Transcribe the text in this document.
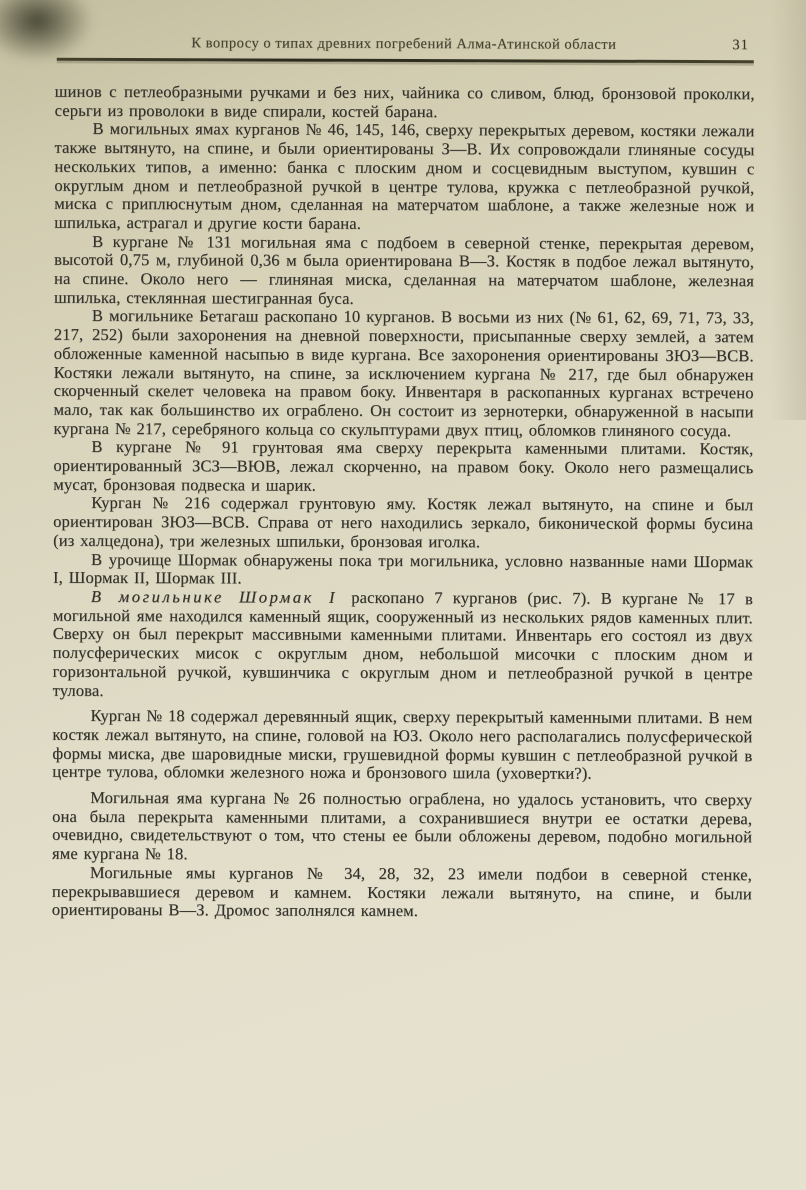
К вопросу о типах древних погребений Алма-Атинской области	31

шинов с петлеобразными ручками и без них, чайника со сливом, блюд, бронзовой проколки, серьги из проволоки в виде спирали, костей барана.

В могильных ямах курганов № 46, 145, 146, сверху перекрытых деревом, костяки лежали также вытянуто, на спине, и были ориентированы З—В. Их сопровождали глиняные сосуды нескольких типов, а именно: банка с плоским дном и сосцевидным выступом, кувшин с округлым дном и петлеобразной ручкой в центре тулова, кружка с петлеобразной ручкой, миска с приплюснутым дном, сделанная на матерчатом шаблоне, а также железные нож и шпилька, астрагал и другие кости барана.

В кургане № 131 могильная яма с подбоем в северной стенке, перекрытая деревом, высотой 0,75 м, глубиной 0,36 м была ориентирована В—З. Костяк в подбое лежал вытянуто, на спине. Около него — глиняная миска, сделанная на матерчатом шаблоне, железная шпилька, стеклянная шестигранная буса.

В могильнике Бетагаш раскопано 10 курганов. В восьми из них (№ 61, 62, 69, 71, 73, 33, 217, 252) были захоронения на дневной поверхности, присыпанные сверху землей, а затем обложенные каменной насыпью в виде кургана. Все захоронения ориентированы ЗЮЗ—ВСВ. Костяки лежали вытянуто, на спине, за исключением кургана № 217, где был обнаружен скорченный скелет человека на правом боку. Инвентаря в раскопанных курганах встречено мало, так как большинство их ограблено. Он состоит из зернотерки, обнаруженной в насыпи кургана № 217, серебряного кольца со скульптурами двух птиц, обломков глиняного сосуда.

В кургане № 91 грунтовая яма сверху перекрыта каменными плитами. Костяк, ориентированный ЗСЗ—ВЮВ, лежал скорченно, на правом боку. Около него размещались мусат, бронзовая подвеска и шарик.

Курган № 216 содержал грунтовую яму. Костяк лежал вытянуто, на спине и был ориентирован ЗЮЗ—ВСВ. Справа от него находились зеркало, биконической формы бусина (из халцедона), три железных шпильки, бронзовая иголка.

В урочище Шормак обнаружены пока три могильника, условно названные нами Шормак I, Шормак II, Шормак III.

В могильнике Шормак I раскопано 7 курганов (рис. 7). В кургане № 17 в могильной яме находился каменный ящик, сооруженный из нескольких рядов каменных плит. Сверху он был перекрыт массивными каменными плитами. Инвентарь его состоял из двух полусферических мисок с округлым дном, небольшой мисочки с плоским дном и горизонтальной ручкой, кувшинчика с округлым дном и петлеобразной ручкой в центре тулова.

Курган № 18 содержал деревянный ящик, сверху перекрытый каменными плитами. В нем костяк лежал вытянуто, на спине, головой на ЮЗ. Около него располагались полусферической формы миска, две шаровидные миски, грушевидной формы кувшин с петлеобразной ручкой в центре тулова, обломки железного ножа и бронзового шила (уховертки?).

Могильная яма кургана № 26 полностью ограблена, но удалось установить, что сверху она была перекрыта каменными плитами, а сохранившиеся внутри ее остатки дерева, очевидно, свидетельствуют о том, что стены ее были обложены деревом, подобно могильной яме кургана № 18.

Могильные ямы курганов № 34, 28, 32, 23 имели подбои в северной стенке, перекрывавшиеся деревом и камнем. Костяки лежали вытянуто, на спине, и были ориентированы В—З. Дромос заполнялся камнем.
